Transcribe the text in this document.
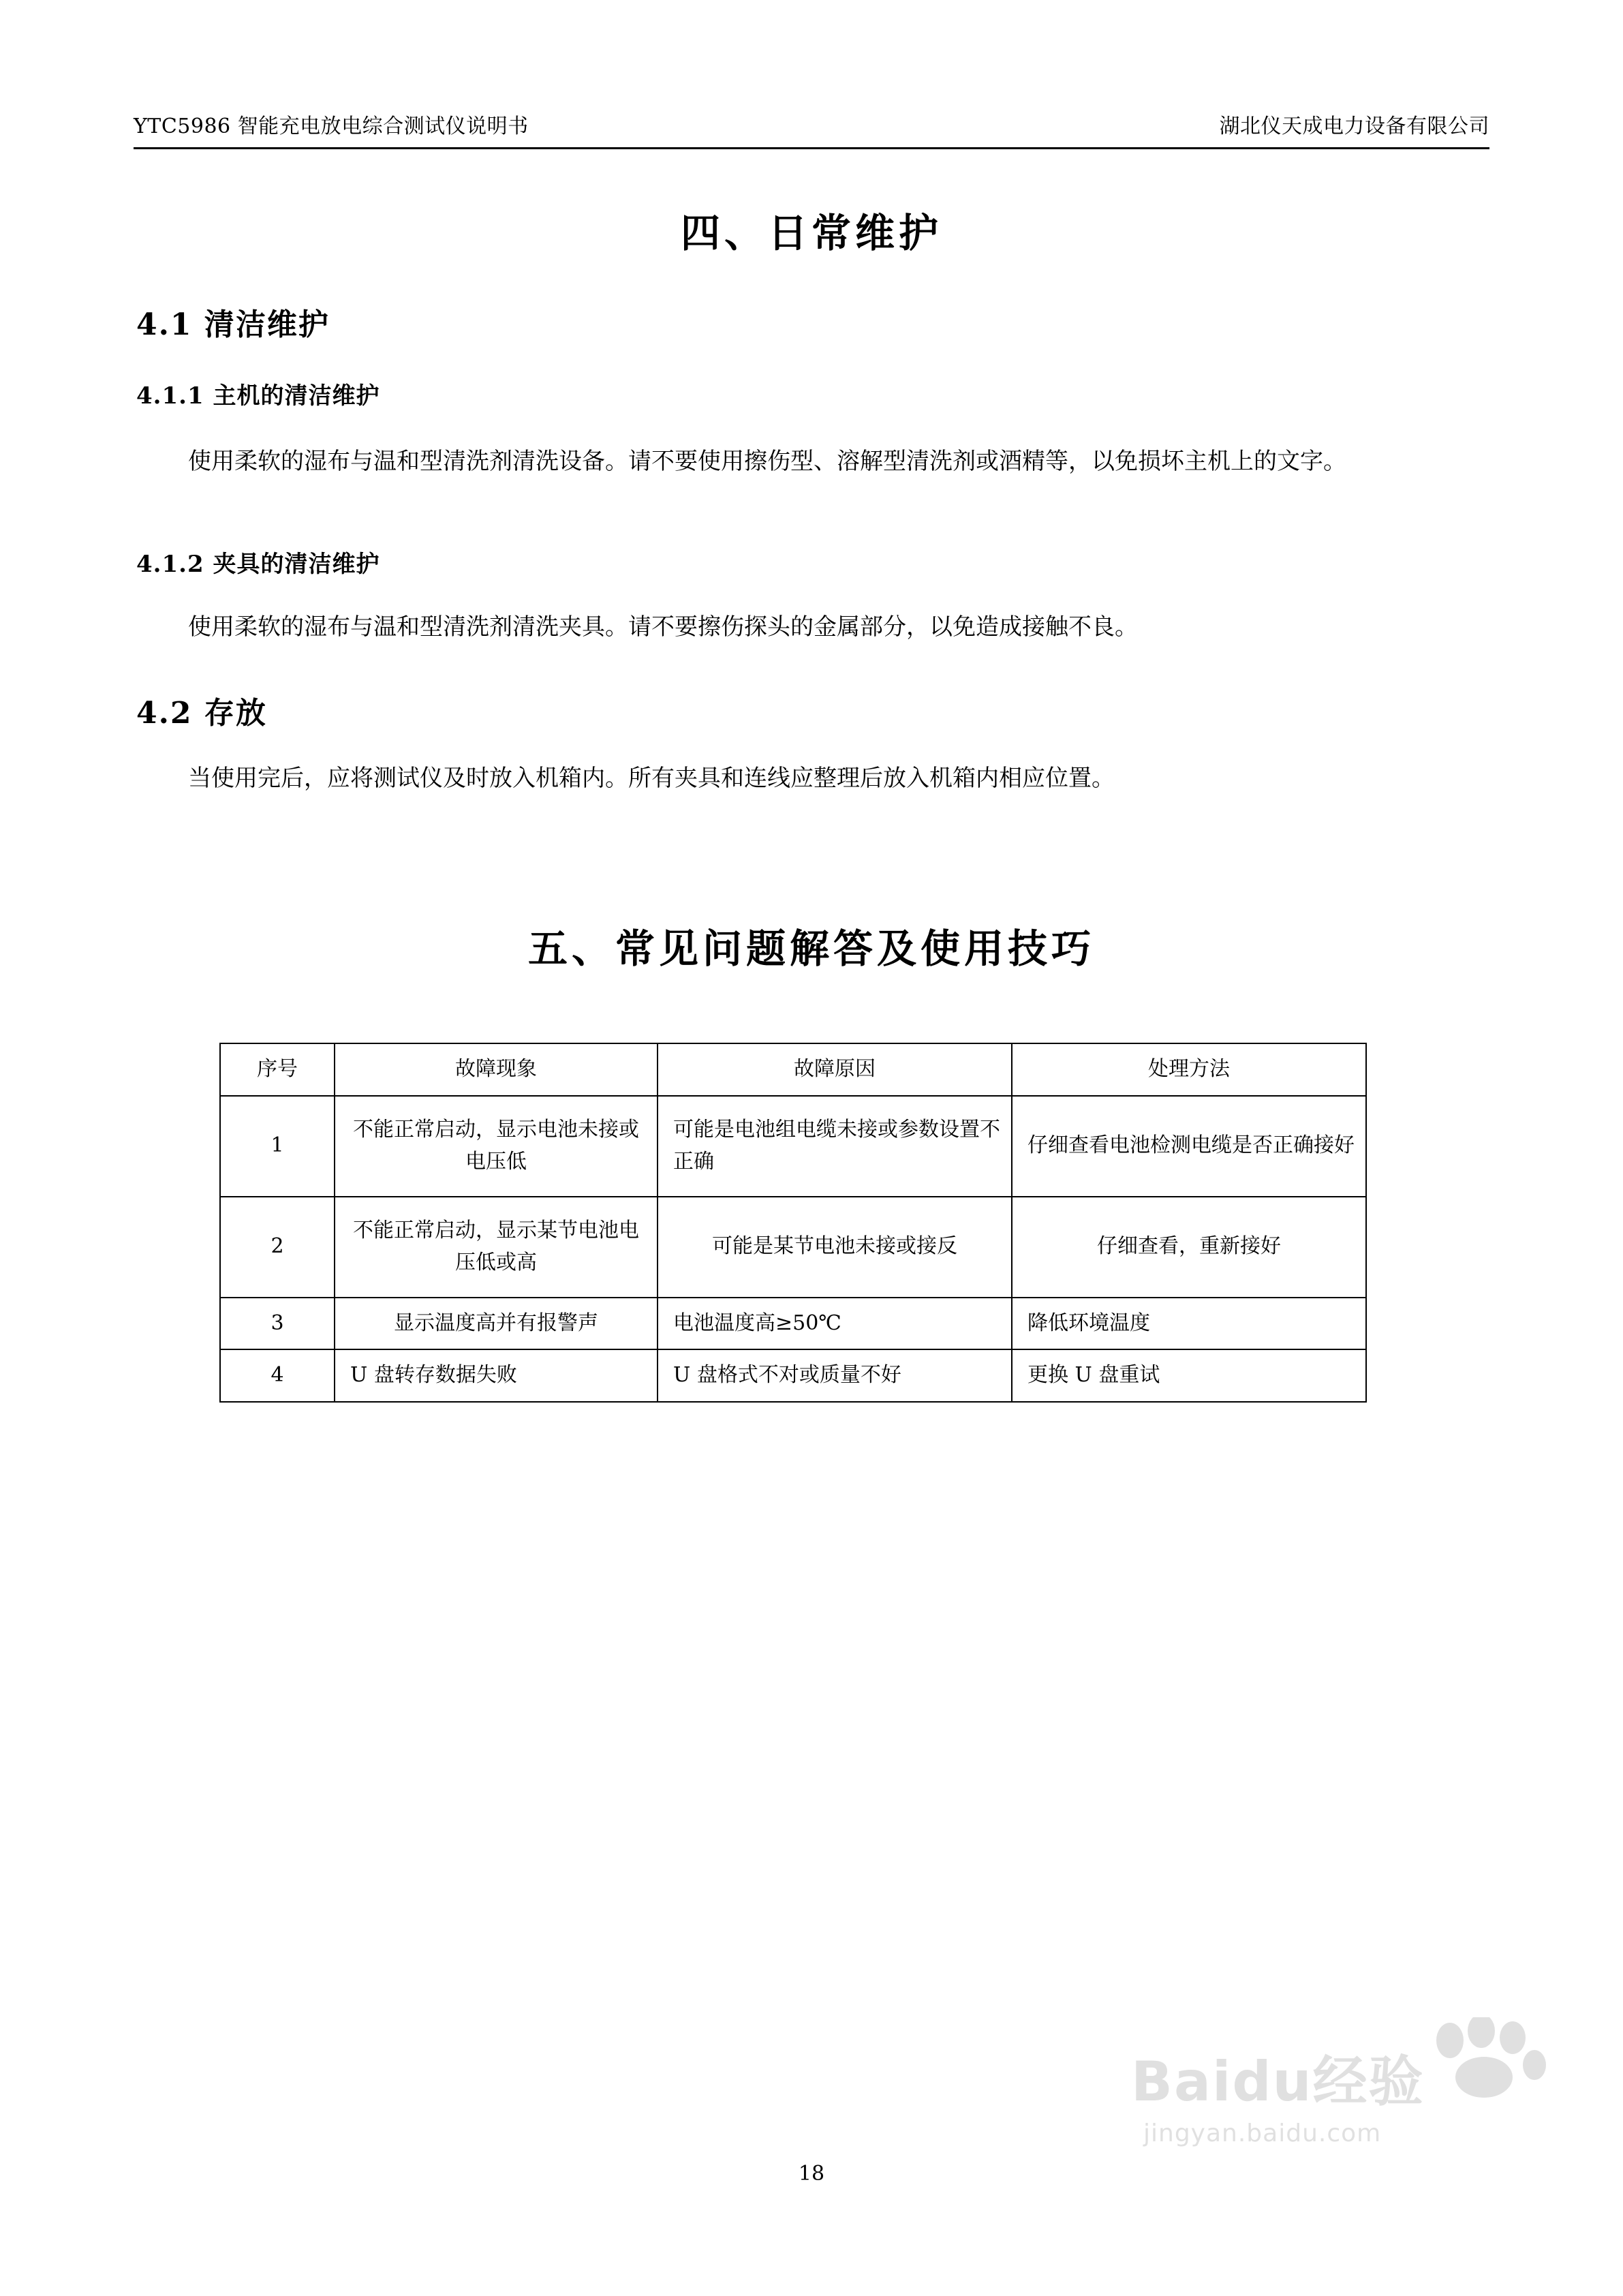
YTC5986 智能充电放电综合测试仪说明书	湖北仪天成电力设备有限公司
四、日常维护
4.1 清洁维护
4.1.1 主机的清洁维护
使用柔软的湿布与温和型清洗剂清洗设备。请不要使用擦伤型、溶解型清洗剂或酒精等，以免损坏主机上的文字。
4.1.2 夹具的清洁维护
使用柔软的湿布与温和型清洗剂清洗夹具。请不要擦伤探头的金属部分，以免造成接触不良。
4.2 存放
当使用完后，应将测试仪及时放入机箱内。所有夹具和连线应整理后放入机箱内相应位置。
五、常见问题解答及使用技巧
序号	故障现象	故障原因	处理方法
1	不能正常启动，显示电池未接或电压低	可能是电池组电缆未接或参数设置不正确	仔细查看电池检测电缆是否正确接好
2	不能正常启动，显示某节电池电压低或高	可能是某节电池未接或接反	仔细查看，重新接好
3	显示温度高并有报警声	电池温度高≥50℃	降低环境温度
4	U 盘转存数据失败	U 盘格式不对或质量不好	更换 U 盘重试
Baidu经验
jingyan.baidu.com
18
